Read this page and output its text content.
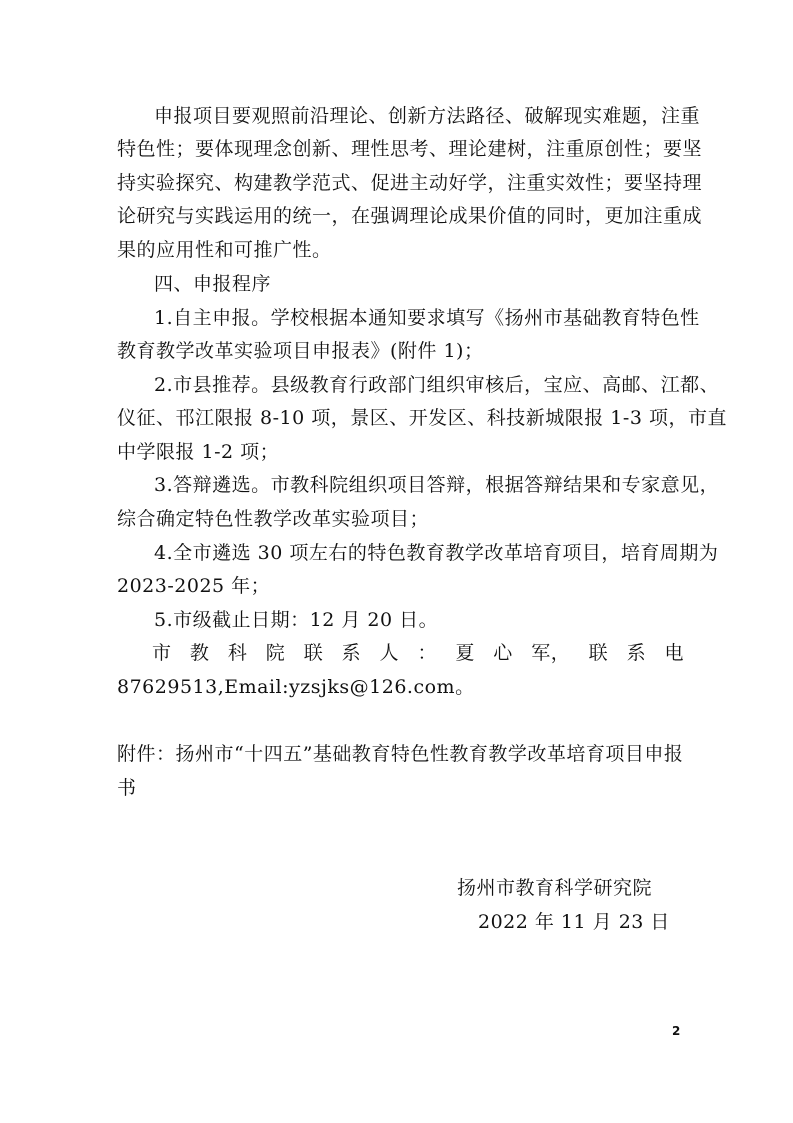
申报项目要观照前沿理论、创新方法路径、破解现实难题，注重
特色性；要体现理念创新、理性思考、理论建树，注重原创性；要坚
持实验探究、构建教学范式、促进主动好学，注重实效性；要坚持理
论研究与实践运用的统一，在强调理论成果价值的同时，更加注重成
果的应用性和可推广性。
四、申报程序
1.自主申报。学校根据本通知要求填写《扬州市基础教育特色性
教育教学改革实验项目申报表》(附件 1)；
2.市县推荐。县级教育行政部门组织审核后，宝应、高邮、江都、
仪征、邗江限报 8-10 项，景区、开发区、科技新城限报 1-3 项，市直
中学限报 1-2 项；
3.答辩遴选。市教科院组织项目答辩，根据答辩结果和专家意见，
综合确定特色性教学改革实验项目；
4.全市遴选 30 项左右的特色教育教学改革培育项目，培育周期为
2023-2025 年；
5.市级截止日期：12 月 20 日。
市 教 科 院 联 系 人 ： 夏 心 军， 联 系 电
87629513,Email:yzsjks@126.com。
附件：扬州市“十四五”基础教育特色性教育教学改革培育项目申报
书
扬州市教育科学研究院
2022 年 11 月 23 日
2
